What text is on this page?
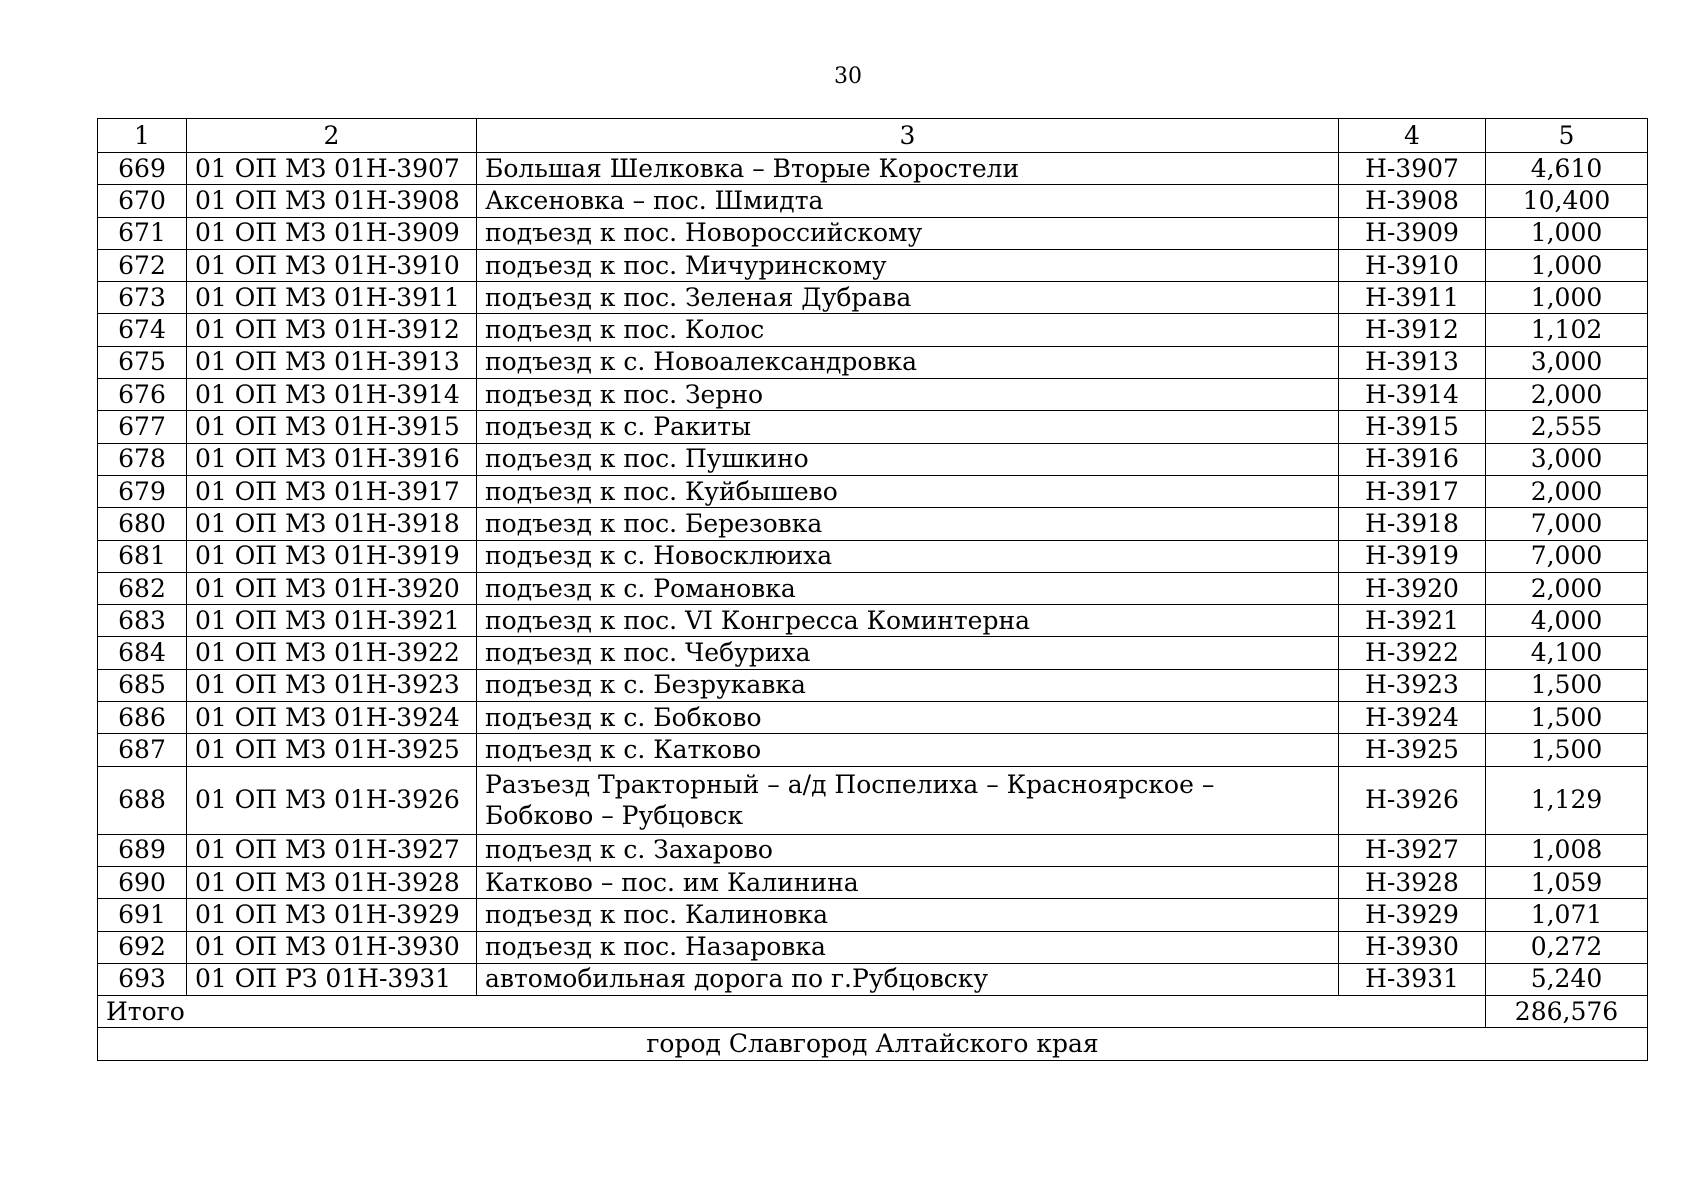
30
1	2	3	4	5
669	01 ОП МЗ 01Н-3907	Большая Шелковка – Вторые Коростели	Н-3907	4,610
670	01 ОП МЗ 01Н-3908	Аксеновка – пос. Шмидта	Н-3908	10,400
671	01 ОП МЗ 01Н-3909	подъезд к пос. Новороссийскому	Н-3909	1,000
672	01 ОП МЗ 01Н-3910	подъезд к пос. Мичуринскому	Н-3910	1,000
673	01 ОП МЗ 01Н-3911	подъезд к пос. Зеленая Дубрава	Н-3911	1,000
674	01 ОП МЗ 01Н-3912	подъезд к пос. Колос	Н-3912	1,102
675	01 ОП МЗ 01Н-3913	подъезд к с. Новоалександровка	Н-3913	3,000
676	01 ОП МЗ 01Н-3914	подъезд к пос. Зерно	Н-3914	2,000
677	01 ОП МЗ 01Н-3915	подъезд к с. Ракиты	Н-3915	2,555
678	01 ОП МЗ 01Н-3916	подъезд к пос. Пушкино	Н-3916	3,000
679	01 ОП МЗ 01Н-3917	подъезд к пос. Куйбышево	Н-3917	2,000
680	01 ОП МЗ 01Н-3918	подъезд к пос. Березовка	Н-3918	7,000
681	01 ОП МЗ 01Н-3919	подъезд к с. Новосклюиха	Н-3919	7,000
682	01 ОП МЗ 01Н-3920	подъезд к с. Романовка	Н-3920	2,000
683	01 ОП МЗ 01Н-3921	подъезд к пос. VI Конгресса Коминтерна	Н-3921	4,000
684	01 ОП МЗ 01Н-3922	подъезд к пос. Чебуриха	Н-3922	4,100
685	01 ОП МЗ 01Н-3923	подъезд к с. Безрукавка	Н-3923	1,500
686	01 ОП МЗ 01Н-3924	подъезд к с. Бобково	Н-3924	1,500
687	01 ОП МЗ 01Н-3925	подъезд к с. Катково	Н-3925	1,500
688	01 ОП МЗ 01Н-3926	Разъезд Тракторный – а/д Поспелиха – Красноярское – Бобково – Рубцовск	Н-3926	1,129
689	01 ОП МЗ 01Н-3927	подъезд к с. Захарово	Н-3927	1,008
690	01 ОП МЗ 01Н-3928	Катково – пос. им Калинина	Н-3928	1,059
691	01 ОП МЗ 01Н-3929	подъезд к пос. Калиновка	Н-3929	1,071
692	01 ОП МЗ 01Н-3930	подъезд к пос. Назаровка	Н-3930	0,272
693	01 ОП РЗ 01Н-3931	автомобильная дорога по г.Рубцовску	Н-3931	5,240
Итого				286,576
город Славгород Алтайского края				
